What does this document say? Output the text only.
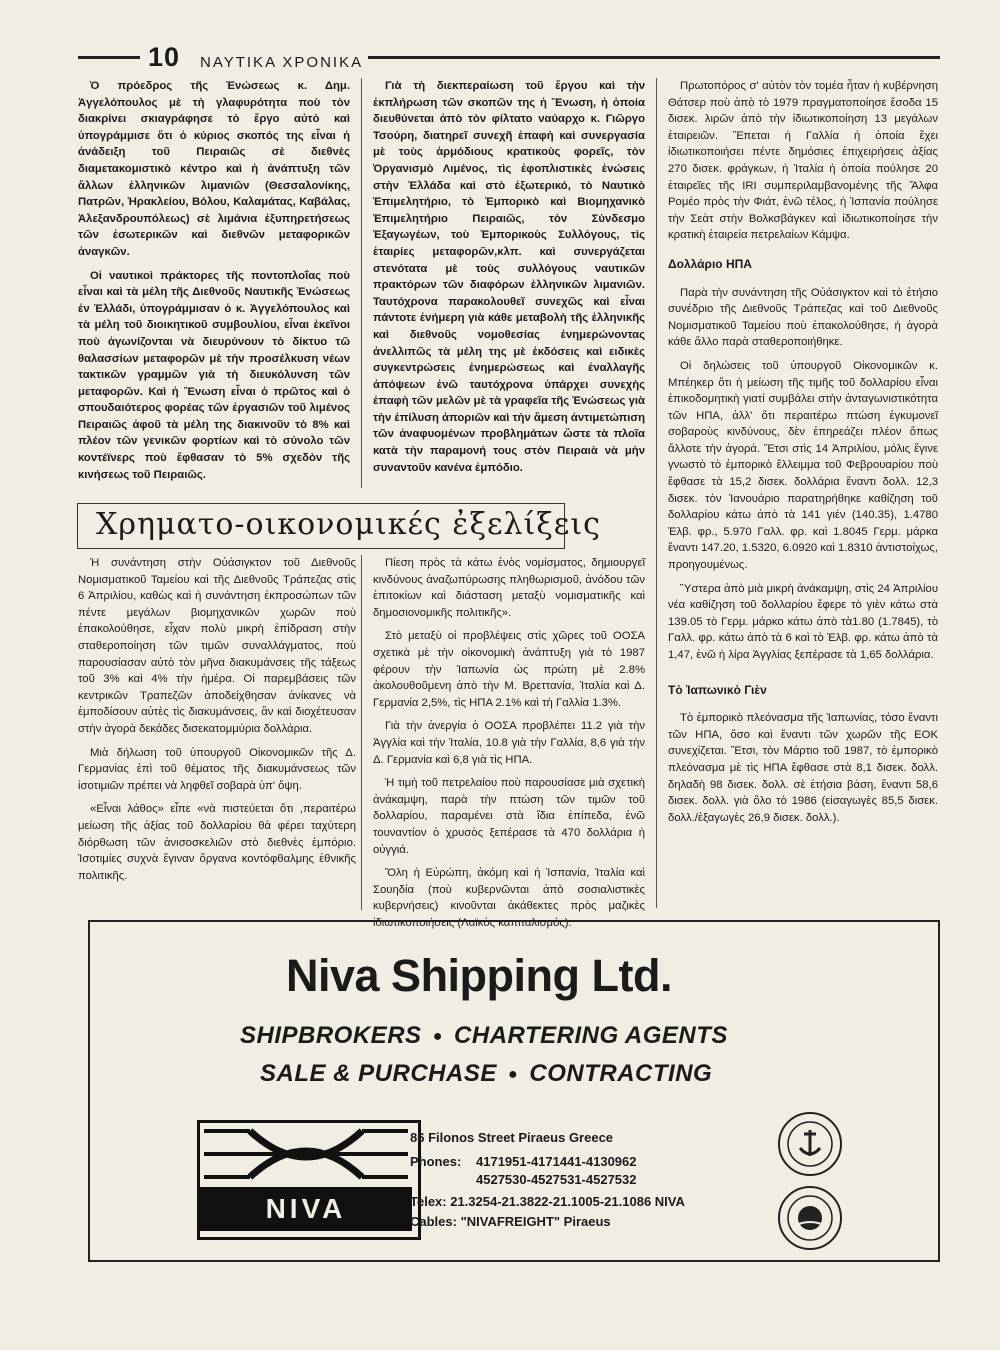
10 ΝΑΥΤΙΚΑ ΧΡΟΝΙΚΑ

Ὁ πρόεδρος τῆς Ἑνώσεως κ. Δημ. Ἀγγελόπουλος μὲ τὴ γλαφυρότητα ποὺ τὸν διακρίνει σκιαγράφησε τὸ ἔργο αὐτὸ καὶ ὑπογράμμισε ὅτι ὁ κύριος σκοπός της εἶναι ἡ ἀνάδειξη τοῦ Πειραιῶς σὲ διεθνὲς διαμετακομιστικὸ κέντρο καὶ ἡ ἀνάπτυξη τῶν ἄλλων ἑλληνικῶν λιμανιῶν (Θεσσαλονίκης, Πατρῶν, Ἡρακλείου, Βόλου, Καλαμάτας, Καβάλας, Ἀλεξανδρουπόλεως) σὲ λιμάνια ἐξυπηρετήσεως τῶν ἐσωτερικῶν καὶ διεθνῶν μεταφορικῶν ἀναγκῶν.

Οἱ ναυτικοὶ πράκτορες τῆς ποντοπλοΐας ποὺ εἶναι καὶ τὰ μέλη τῆς Διεθνοῦς Ναυτικῆς Ἑνώσεως ἐν Ἑλλάδι, ὑπογράμμισαν ὁ κ. Ἀγγελόπουλος καὶ τὰ μέλη τοῦ διοικητικοῦ συμβουλίου, εἶναι ἐκεῖνοι ποὺ ἀγωνίζονται νὰ διευρύνουν τὸ δίκτυο τῶ θαλασσίων μεταφορῶν μὲ τὴν προσέλκυση νέων τακτικῶν γραμμῶν γιὰ τὴ διευκόλυνση τῶν μεταφορῶν. Καὶ ἡ Ἕνωση εἶναι ὁ πρῶτος καὶ ὁ σπουδαιότερος φορέας τῶν ἐργασιῶν τοῦ λιμένος Πειραιῶς ἀφοῦ τὰ μέλη της διακινοῦν τὸ 8% καὶ πλέον τῶν γενικῶν φορτίων καὶ τὸ σύνολο τῶν κοντέϊνερς ποὺ ἔφθασαν τὸ 5% σχεδὸν τῆς κινήσεως τοῦ Πειραιῶς.

Γιὰ τὴ διεκπεραίωση τοῦ ἔργου καὶ τὴν ἐκπλήρωση τῶν σκοπῶν της ἡ Ἕνωση, ἡ ὁποία διευθύνεται ἀπὸ τὸν φίλτατο ναύαρχο κ. Γιῶργο Τσούρη, διατηρεῖ συνεχῆ ἐπαφὴ καὶ συνεργασία μὲ τοὺς ἁρμόδιους κρατικοὺς φορεῖς, τὸν Ὀργανισμὸ Λιμένος, τὶς ἐφοπλιστικὲς ἑνώσεις στὴν Ἑλλάδα καὶ στὸ ἐξωτερικό, τὸ Ναυτικὸ Ἐπιμελητήριο, τὸ Ἐμπορικὸ καὶ Βιομηχανικὸ Ἐπιμελητήριο Πειραιῶς, τὸν Σύνδεσμο Ἐξαγωγέων, τοὺ Ἐμπορικοὺς Συλλόγους, τὶς ἑταιρίες μεταφορῶν,κλπ. καὶ συνεργάζεται στενότατα μὲ τοὺς συλλόγους ναυτικῶν πρακτόρων τῶν διαφόρων ἑλληνικῶν λιμανιῶν. Ταυτόχρονα παρακολουθεῖ συνεχῶς καὶ εἶναι πάντοτε ἐνήμερη γιὰ κάθε μεταβολὴ τῆς ἑλληνικῆς καὶ διεθνοῦς νομοθεσίας ἐνημερώνοντας ἀνελλιπῶς τὰ μέλη της μὲ ἐκδόσεις καὶ ειδικὲς συγκεντρώσεις ἐνημερώσεως καὶ ἐναλλαγῆς ἀπόψεων ἐνῶ ταυτόχρονα ὑπάρχει συνεχὴς ἐπαφὴ τῶν μελῶν μὲ τὰ γραφεῖα τῆς Ἑνώσεως γιὰ τὴν ἐπίλυση ἀποριῶν καὶ τὴν ἄμεση ἀντιμετώπιση τῶν ἀναφυομένων προβλημάτων ὥστε τὰ πλοῖα κατὰ τὴν παραμονή τους στὸν Πειραιὰ νὰ μὴν συναντοῦν κανένα ἐμπόδιο.

Πρωτοπόρος σ' αὐτὸν τὸν τομέα ἦταν ἡ κυβέρνηση Θάτσερ ποὺ ἀπὸ τὸ 1979 πραγματοποίησε ἔσοδα 15 δισεκ. λιρῶν ἀπὸ τὴν ἰδιωτικοποίηση 13 μεγάλων ἑταιρειῶν. Ἕπεται ἡ Γαλλία ἡ ὁποία ἔχει ἰδιωτικοποιήσει πέντε δημόσιες ἐπιχειρήσεις ἀξίας 270 δισεκ. φράγκων, ἡ Ἰταλία ἡ ὁποία πούλησε 20 ἑταιρεῖες τῆς IRI συμπεριλαμβανομένης τῆς Ἄλφα Ρομέο πρὸς τὴν Φιάτ, ἐνῶ τέλος, ἡ Ἱσπανία πούλησε τὴν Σεὰτ στὴν Βολκσβάγκεν καὶ ἰδιωτικοποίησε τὴν κρατικὴ ἑταιρεία πετρελαίων Κάμψα.

Δολλάριο ΗΠΑ

Παρὰ τὴν συνάντηση τῆς Οὐάσιγκτον καὶ τὸ ἐτήσιο συνέδριο τῆς Διεθνοῦς Τράπεζας καὶ τοῦ Διεθνοῦς Νομισματικοῦ Ταμείου ποὺ ἐπακολούθησε, ἡ ἀγορὰ κάθε ἄλλο παρὰ σταθεροποιήθηκε.

Οἱ δηλώσεις τοῦ ὑπουργοῦ Οἰκονομικῶν κ. Μπέηκερ ὅτι ἡ μείωση τῆς τιμῆς τοῦ δολλαρίου εἶναι ἐπικοδομητικὴ γιατί συμβάλει στὴν ἀνταγωνιστικότητα τῶν ΗΠΑ, ἀλλ' ὅτι περαιτέρω πτώση ἐγκυμονεῖ σοβαροὺς κινδύνους, δὲν ἐπηρεάζει πλέον ὅπως ἄλλοτε τὴν ἀγορά. Ἔτσι στὶς 14 Ἀπριλίου, μόλις ἔγινε γνωστὸ τὸ ἐμπορικὸ ἔλλειμμα τοῦ Φεβρουαρίου ποὺ ἔφθασε τὰ 15,2 δισεκ. δολλάρια ἔναντι δολλ. 12,3 δισεκ. τὸν Ἰανουάριο παρατηρήθηκε καθίζηση τοῦ δολλαρίου κάτω ἀπὸ τὰ 141 γιέν (140.35), 1.4780 Ἑλβ. φρ., 5.970 Γαλλ. φρ. καὶ 1.8045 Γερμ. μάρκα ἔναντι 147.20, 1.5320, 6.0920 καὶ 1.8310 ἀντιστοίχως, προηγουμένως.

Ὕστερα ἀπὸ μιὰ μικρὴ ἀνάκαμψη, στὶς 24 Ἀπριλίου νέα καθίζηση τοῦ δολλαρίου ἔφερε τὸ γιὲν κάτω στὰ 139.05 τὸ Γερμ. μάρκο κάτω ἀπὸ τὰ1.80 (1.7845), τὸ Γαλλ. φρ. κάτω ἀπὸ τὰ 6 καὶ τὸ Ἑλβ. φρ. κάτω ἀπὸ τὰ 1,47, ἐνῶ ἡ λίρα Ἀγγλίας ξεπέρασε τὰ 1,65 δολλάρια.

Τὸ Ἰαπωνικὸ Γιὲν

Τὸ ἐμπορικὸ πλεόνασμα τῆς Ἰαπωνίας, τόσο ἔναντι τῶν ΗΠΑ, ὅσο καὶ ἔναντι τῶν χωρῶν τῆς ΕΟΚ συνεχίζεται. Ἔτσι, τὸν Μάρτιο τοῦ 1987, τὸ ἐμπορικὸ πλεόνασμα μὲ τὶς ΗΠΑ ἔφθασε στὰ 8,1 δισεκ. δολλ. δηλαδὴ 98 δισεκ. δολλ. σὲ ἐτήσια βάση, ἔναντι 58,6 δισεκ. δολλ. γιὰ ὅλο τὸ 1986 (εἰσαγωγὲς 85,5 δισεκ. δολλ./ἐξαγωγὲς 26,9 δισεκ. δολλ.).

Χρηματο-οικονομικές ἐξελίξεις

Ἡ συνάντηση στὴν Οὐάσιγκτον τοῦ Διεθνοῦς Νομισματικοῦ Ταμείου καὶ τῆς Διεθνοῦς Τράπεζας στὶς 6 Ἀπριλίου, καθὼς καὶ ἡ συνάντηση ἐκπροσώπων τῶν πέντε μεγάλων βιομηχανικῶν χωρῶν ποὺ ἐπακολούθησε, εἶχαν πολὺ μικρὴ ἐπίδραση στὴν σταθεροποίηση τῶν τιμῶν συναλλάγματος, ποὺ παρουσίασαν αὐτὸ τὸν μῆνα διακυμάνσεις τῆς τάξεως τοῦ 3% καὶ 4% τὴν ἡμέρα. Οἱ παρεμβάσεις τῶν κεντρικῶν Τραπεζῶν ἀποδείχθησαν ἀνίκανες νὰ ἐμποδίσουν αὐτὲς τὶς διακυμάνσεις, ἂν καὶ διοχέτευσαν στὴν ἀγορὰ δεκάδες δισεκατομμύρια δολλάρια.

Μιὰ δήλωση τοῦ ὑπουργοῦ Οἰκονομικῶν τῆς Δ. Γερμανίας ἐπὶ τοῦ θέματος τῆς διακυμάνσεως τῶν ἰσοτιμιῶν πρέπει νὰ ληφθεῖ σοβαρὰ ὑπ' ὄψη.

«Εἶναι λάθος» εἶπε «νὰ πιστεύεται ὅτι ,περαιτέρω μείωση τῆς ἀξίας τοῦ δολλαρίου θὰ φέρει ταχύτερη διόρθωση τῶν ἀνισοσκελιῶν στὸ διεθνὲς ἐμπόριο. Ἰσοτιμίες συχνὰ ἔγιναν ὄργανα κοντόφθαλμης ἐθνικῆς πολιτικῆς.

Πίεση πρὸς τὰ κάτω ἑνὸς νομίσματος, δημιουργεῖ κινδύνους ἀναζωπύρωσης πληθωρισμοῦ, ἀνόδου τῶν ἐπιτοκίων καὶ διάσταση μεταξὺ νομισματικῆς καὶ δημοσιονομικῆς πολιτικῆς».

Στὸ μεταξὺ οἱ προβλέψεις στὶς χῶρες τοῦ ΟΟΣΑ σχετικὰ μὲ τὴν οἰκονομικὴ ἀνάπτυξη γιὰ τὸ 1987 φέρουν τὴν Ἰαπωνία ὡς πρώτη μὲ 2.8% ἀκολουθοῦμενη ἀπὸ τὴν Μ. Βρεττανία, Ἰταλία καὶ Δ. Γερμανία 2,5%, τὶς ΗΠΑ 2.1% καὶ τὴ Γαλλία 1.3%.

Γιὰ τὴν ἀνεργία ὁ ΟΟΣΑ προβλέπει 11.2 γιὰ τὴν Ἀγγλία καὶ τὴν Ἰταλία, 10.8 γιὰ τὴν Γαλλία, 8,6 γιὰ τὴν Δ. Γερμανία καὶ 6,8 γιὰ τὶς ΗΠΑ.

Ἡ τιμὴ τοῦ πετρελαίου ποὺ παρουσίασε μιὰ σχετικὴ ἀνάκαμψη, παρὰ τὴν πτώση τῶν τιμῶν τοῦ δολλαρίου, παραμένει στὰ ἴδια ἐπίπεδα, ἐνῶ τουναντίον ὁ χρυσὸς ξεπέρασε τὰ 470 δολλάρια ἡ οὐγγιά.

Ὅλη ἡ Εὐρώπη, ἀκόμη καὶ ἡ Ἱσπανία, Ἰταλία καὶ Σουηδία (ποὺ κυβερνῶνται ἀπὸ σοσιαλιστικὲς κυβερνήσεις) κινοῦνται ἀκάθεκτες πρὸς μαζικὲς ἰδιωτικοποιήσεις (Λαϊκὸς καπιταλισμός).

Niva Shipping Ltd.
SHIPBROKERS ● CHARTERING AGENTS
SALE & PURCHASE ● CONTRACTING
NIVA
86 Filonos Street Piraeus Greece
Phones: 4171951-4171441-4130962
4527530-4527531-4527532
Telex: 21.3254-21.3822-21.1005-21.1086 NIVA
Cables: "NIVAFREIGHT" Piraeus
